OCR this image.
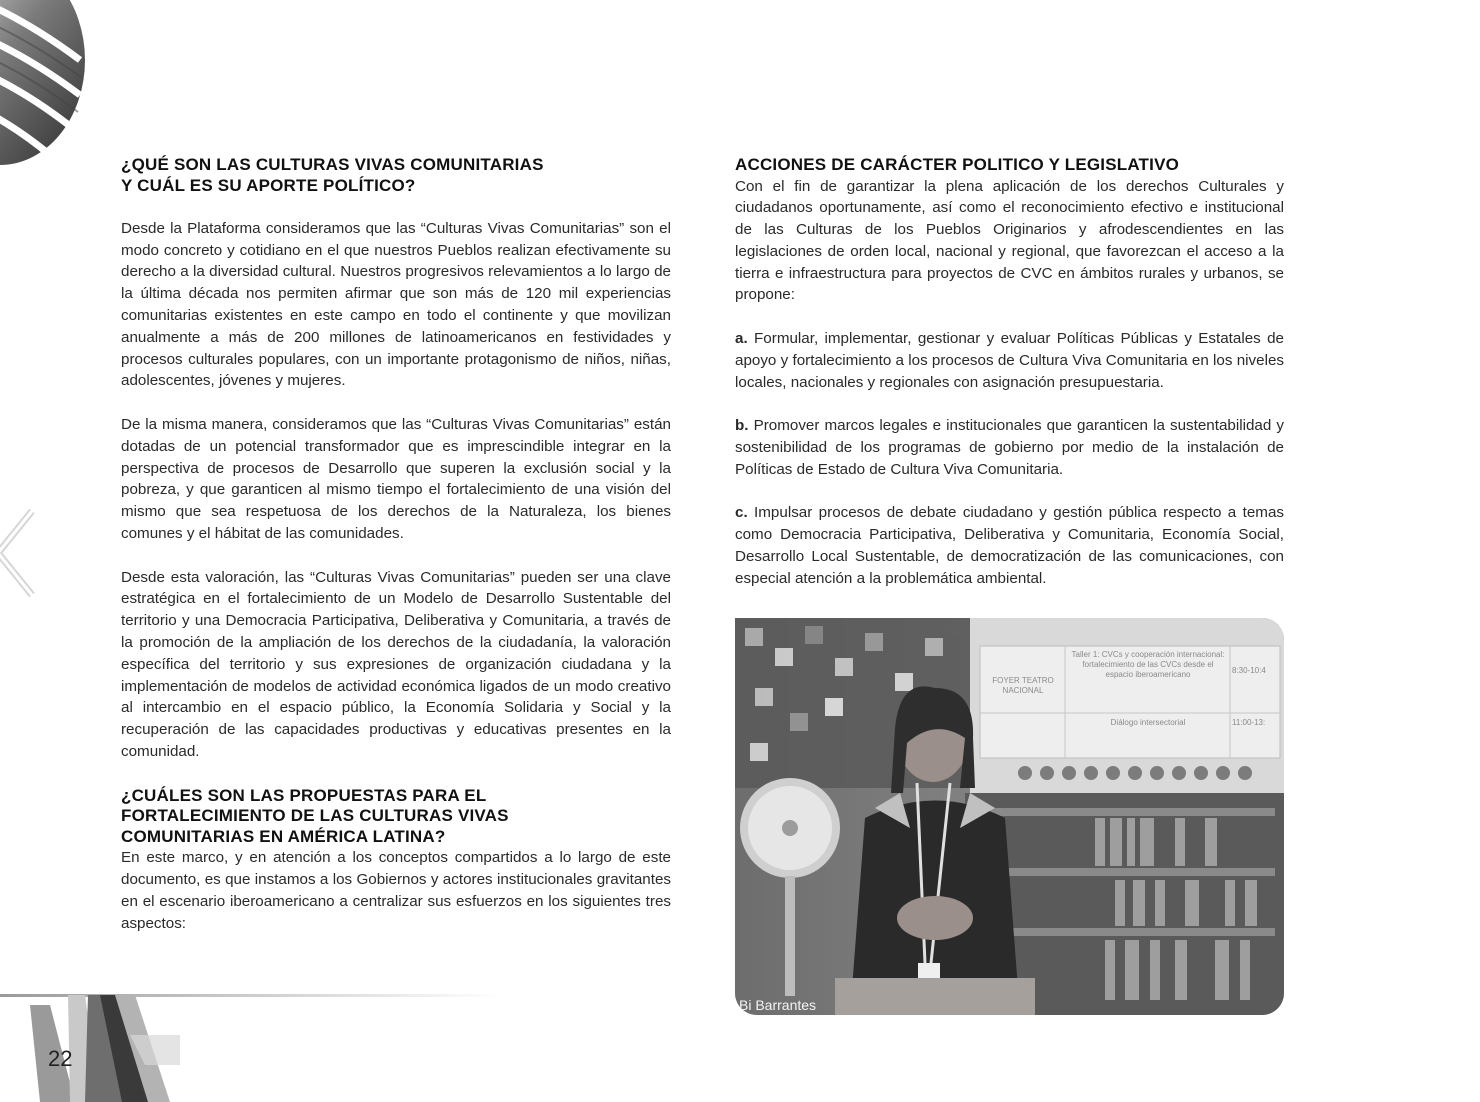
¿QUÉ SON LAS CULTURAS VIVAS COMUNITARIAS
Y CUÁL ES SU APORTE POLÍTICO?

Desde la Plataforma consideramos que las “Culturas Vivas Comunitarias” son el modo concreto y cotidiano en el que nuestros Pueblos realizan efectivamente su derecho a la diversidad cultural. Nuestros progresivos relevamientos a lo largo de la última década nos permiten afirmar que son más de 120 mil experiencias comunitarias existentes en este campo en todo el continente y que movilizan anualmente a más de 200 millones de latinoamericanos en festividades y procesos culturales populares, con un importante protagonismo de niños, niñas, adolescentes, jóvenes y mujeres.

De la misma manera, consideramos que las “Culturas Vivas Comunitarias” están dotadas de un potencial transformador que es imprescindible integrar en la perspectiva de procesos de Desarrollo que superen la exclusión social y la pobreza, y que garanticen al mismo tiempo el fortalecimiento de una visión del mismo que sea respetuosa de los derechos de la Naturaleza, los bienes comunes y el hábitat de las comunidades.

Desde esta valoración, las “Culturas Vivas Comunitarias” pueden ser una clave estratégica en el fortalecimiento de un Modelo de Desarrollo Sustentable del territorio y una Democracia Participativa, Deliberativa y Comunitaria, a través de la promoción de la ampliación de los derechos de la ciudadanía, la valoración específica del territorio y sus expresiones de organización ciudadana y la implementación de modelos de actividad económica ligados de un modo creativo al intercambio en el espacio público, la Economía Solidaria y Social y la recuperación de las capacidades productivas y educativas presentes en la comunidad.

¿CUÁLES SON LAS PROPUESTAS PARA EL
FORTALECIMIENTO DE LAS CULTURAS VIVAS
COMUNITARIAS EN AMÉRICA LATINA?

En este marco, y en atención a los conceptos compartidos a lo largo de este documento, es que instamos a los Gobiernos y actores institucionales gravitantes en el escenario iberoamericano a centralizar sus esfuerzos en los siguientes tres aspectos:

ACCIONES DE CARÁCTER POLITICO Y LEGISLATIVO

Con el fin de garantizar la plena aplicación de los derechos Culturales y ciudadanos oportunamente, así como el reconocimiento efectivo e institucional de las Culturas de los Pueblos Originarios y afrodescendientes en las legislaciones de orden local, nacional y regional, que favorezcan el acceso a la tierra e infraestructura para proyectos de CVC en ámbitos rurales y urbanos, se propone:

a. Formular, implementar, gestionar y evaluar Políticas Públicas y Estatales de apoyo y fortalecimiento a los procesos de Cultura Viva Comunitaria en los niveles locales, nacionales y regionales con asignación presupuestaria.

b. Promover marcos legales e institucionales que garanticen la sustentabilidad y sostenibilidad de los programas de gobierno por medio de la instalación de Políticas de Estado de Cultura Viva Comunitaria.

c. Impulsar procesos de debate ciudadano y gestión pública respecto a temas como Democracia Participativa, Deliberativa y Comunitaria, Economía Social, Desarrollo Local Sustentable, de democratización de las comunicaciones, con especial atención a la problemática ambiental.

FOYER TEATRO NACIONAL
Taller 1: CVCs y cooperación internacional: fortalecimiento de las CVCs desde el espacio iberoamericano	8:30-10:4
Diálogo intersectorial	11:00-13:
Bi Barrantes
22
